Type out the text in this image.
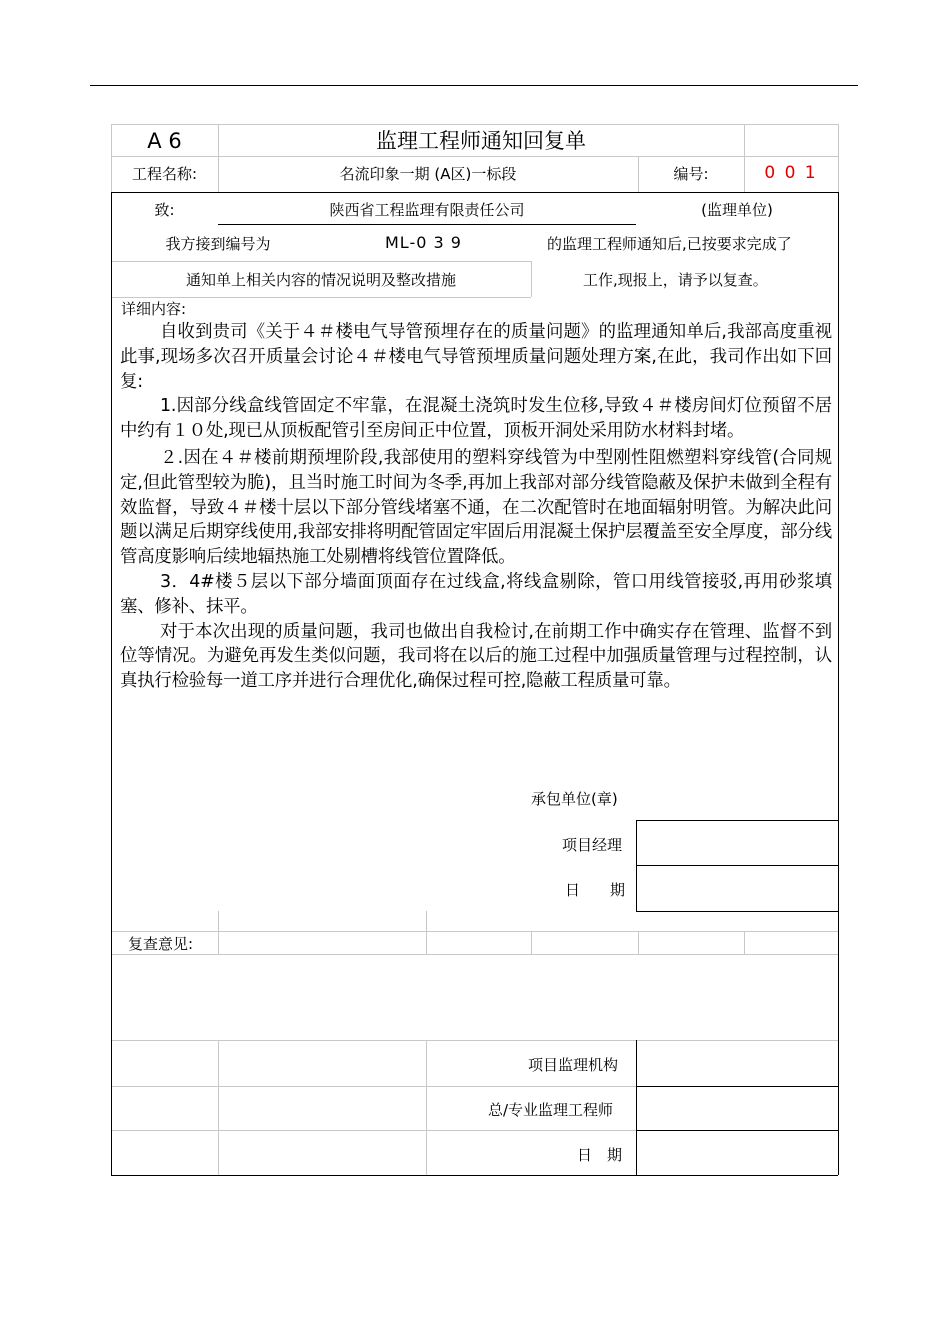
A 6	监理工程师通知回复单
工程名称:	名流印象一期 (A区)一标段	编号:	0 0 1
致:	陕西省工程监理有限责任公司	(监理单位)
我方接到编号为	ML-0 3 9	的监理工程师通知后,已按要求完成了
通知单上相关内容的情况说明及整改措施	工作,现报上，请予以复查。
详细内容:

自收到贵司《关于４＃楼电气导管预埋存在的质量问题》的监理通知单后,我部高度重视此事,现场多次召开质量会讨论４＃楼电气导管预埋质量问题处理方案,在此，我司作出如下回复:

1.因部分线盒线管固定不牢靠，在混凝土浇筑时发生位移,导致４＃楼房间灯位预留不居中约有１０处,现已从顶板配管引至房间正中位置，顶板开洞处采用防水材料封堵。

２.因在４＃楼前期预埋阶段,我部使用的塑料穿线管为中型刚性阻燃塑料穿线管(合同规定,但此管型较为脆)，且当时施工时间为冬季,再加上我部对部分线管隐蔽及保护未做到全程有效监督，导致４＃楼十层以下部分管线堵塞不通，在二次配管时在地面辐射明管。为解决此问题以满足后期穿线使用,我部安排将明配管固定牢固后用混凝土保护层覆盖至安全厚度，部分线管高度影响后续地辐热施工处剔槽将线管位置降低。

3．4#楼５层以下部分墙面顶面存在过线盒,将线盒剔除，管口用线管接驳,再用砂浆填塞、修补、抹平。

对于本次出现的质量问题，我司也做出自我检讨,在前期工作中确实存在管理、监督不到位等情况。为避免再发生类似问题，我司将在以后的施工过程中加强质量管理与过程控制，认真执行检验每一道工序并进行合理优化,确保过程可控,隐蔽工程质量可靠。

承包单位(章)
项目经理
日　　期
复查意见:
项目监理机构
总/专业监理工程师
日　期
